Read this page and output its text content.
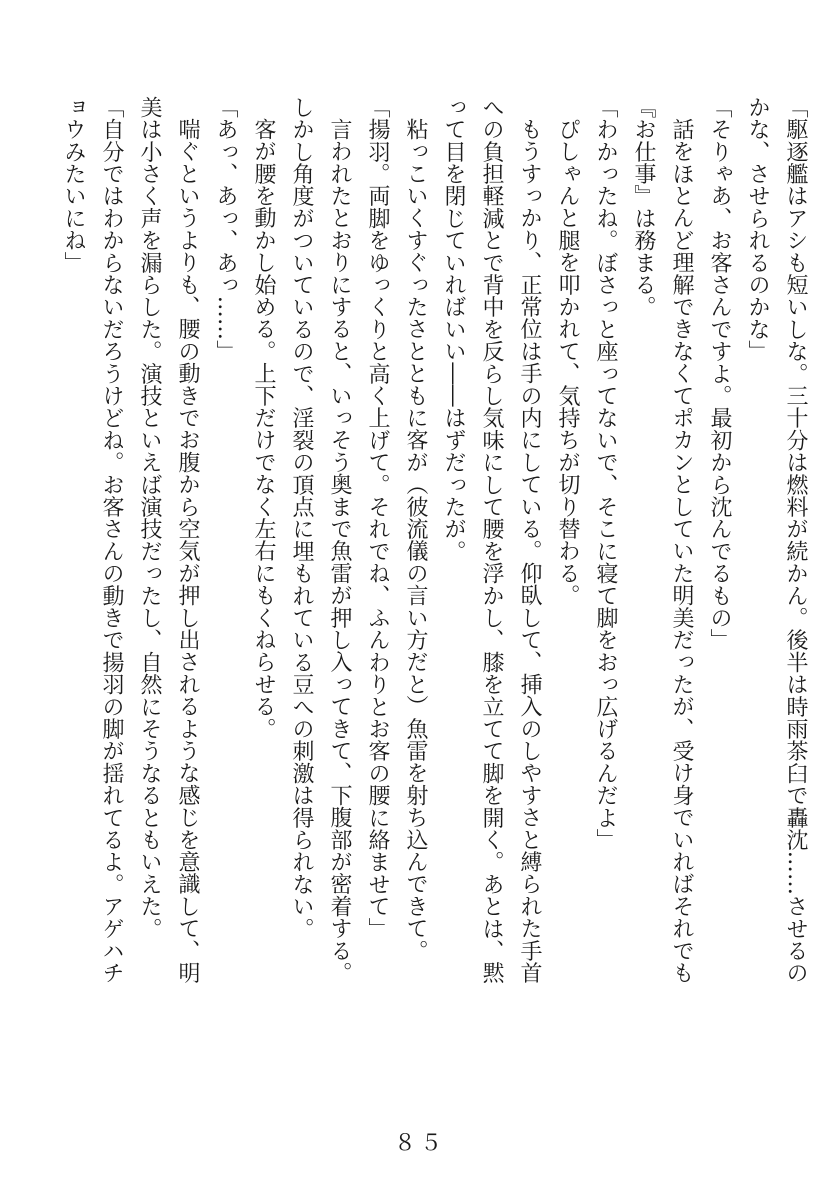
「駆逐艦はアシも短いしな。三十分は燃料が続かん。後半は時雨茶臼で轟沈……させるの
かな、させられるのかな」
「そりゃあ、お客さんですよ。最初から沈んでるもの」
話をほとんど理解できなくてポカンとしていた明美だったが、受け身でいればそれでも
『お仕事』は務まる。
「わかったね。ぼさっと座ってないで、そこに寝て脚をおっ広げるんだよ」
ぴしゃんと腿を叩かれて、気持ちが切り替わる。
もうすっかり、正常位は手の内にしている。仰臥して、挿入のしやすさと縛られた手首
への負担軽減とで背中を反らし気味にして腰を浮かし、膝を立てて脚を開く。あとは、黙
って目を閉じていればいい――はずだったが。
粘っこいくすぐったさとともに客が（彼流儀の言い方だと）魚雷を射ち込んできて。
「揚羽。両脚をゆっくりと高く上げて。それでね、ふんわりとお客の腰に絡ませて」
言われたとおりにすると、いっそう奥まで魚雷が押し入ってきて、下腹部が密着する。
しかし角度がついているので、淫裂の頂点に埋もれている豆への刺激は得られない。
客が腰を動かし始める。上下だけでなく左右にもくねらせる。
「あっ、あっ、あっ……」
喘ぐというよりも、腰の動きでお腹から空気が押し出されるような感じを意識して、明
美は小さく声を漏らした。演技といえば演技だったし、自然にそうなるともいえた。
「自分ではわからないだろうけどね。お客さんの動きで揚羽の脚が揺れてるよ。アゲハチ
ョウみたいにね」
８５
